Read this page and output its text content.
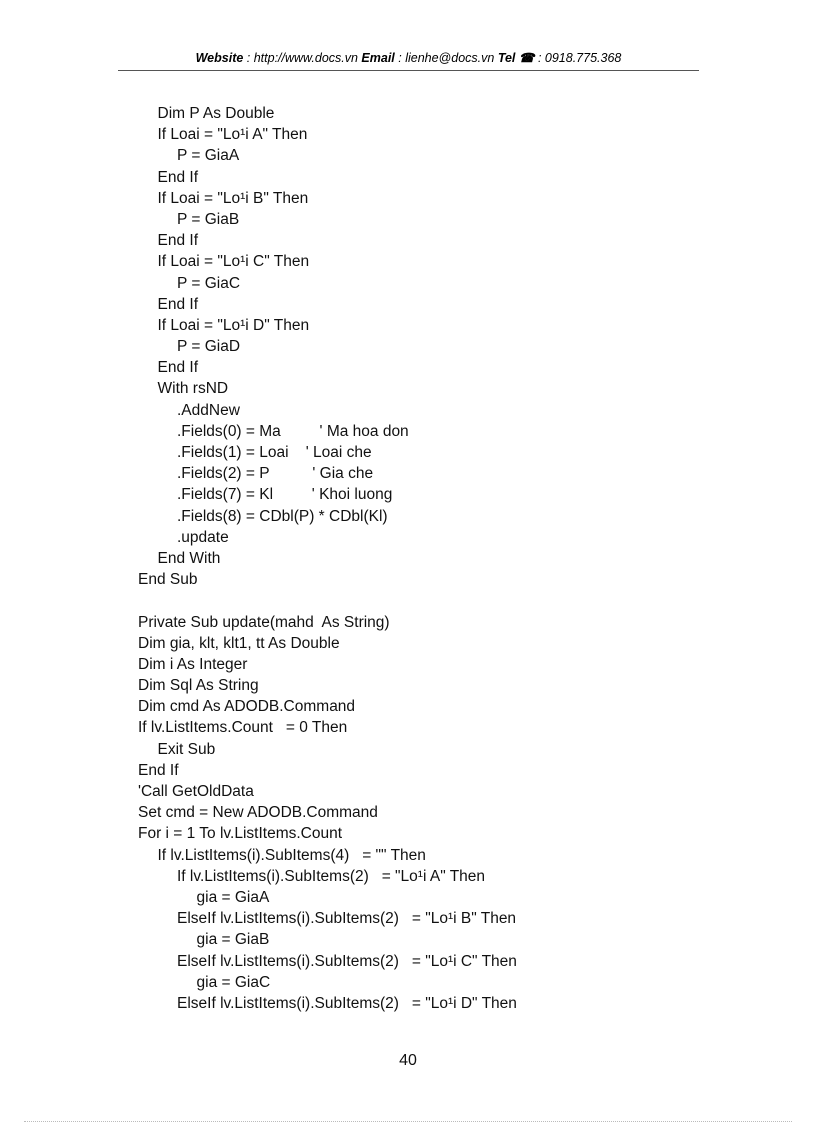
Website : http://www.docs.vn Email : lienhe@docs.vn Tel ☎ : 0918.775.368
Dim P As Double
If Loai = "Lo¹i A" Then
P = GiaA
End If
If Loai = "Lo¹i B" Then
P = GiaB
End If
If Loai = "Lo¹i C" Then
P = GiaC
End If
If Loai = "Lo¹i D" Then
P = GiaD
End If
With rsND
.AddNew
.Fields(0) = Ma         ' Ma hoa don
.Fields(1) = Loai    ' Loai che
.Fields(2) = P          ' Gia che
.Fields(7) = Kl         ' Khoi luong
.Fields(8) = CDbl(P) * CDbl(Kl)
.update
End With
End Sub
Private Sub update(mahd  As String)
Dim gia, klt, klt1, tt As Double
Dim i As Integer
Dim Sql As String
Dim cmd As ADODB.Command
If lv.ListItems.Count   = 0 Then
Exit Sub
End If
'Call GetOldData
Set cmd = New ADODB.Command
For i = 1 To lv.ListItems.Count
If lv.ListItems(i).SubItems(4)   = "" Then
If lv.ListItems(i).SubItems(2)   = "Lo¹i A" Then
gia = GiaA
ElseIf lv.ListItems(i).SubItems(2)   = "Lo¹i B" Then
gia = GiaB
ElseIf lv.ListItems(i).SubItems(2)   = "Lo¹i C" Then
gia = GiaC
ElseIf lv.ListItems(i).SubItems(2)   = "Lo¹i D" Then
40
